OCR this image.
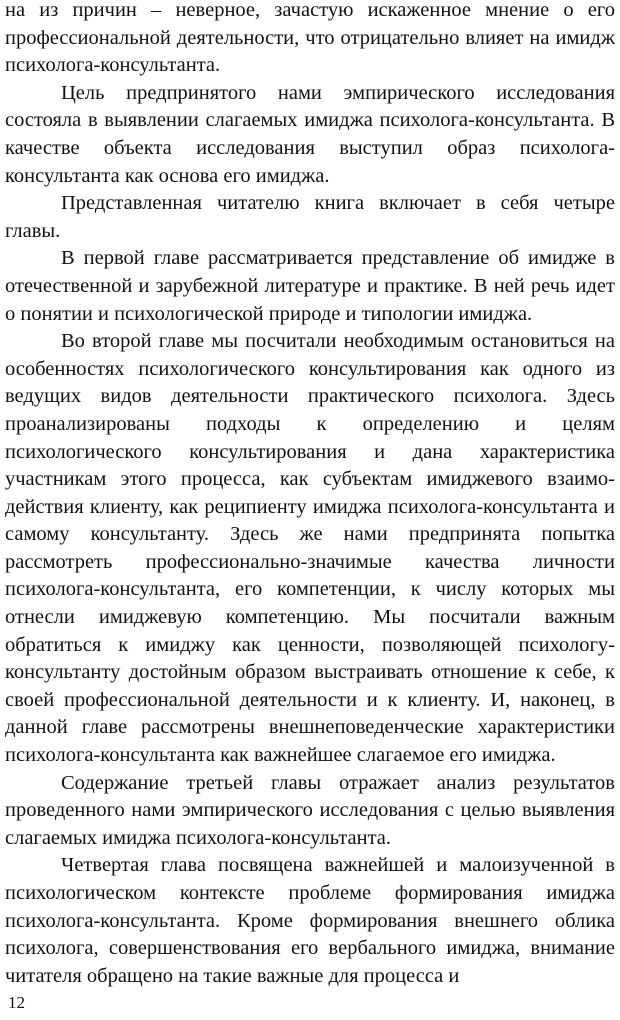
на из причин – неверное, зачастую искаженное мнение о его профессиональной деятельности, что отрицательно влияет на имидж психолога-консультанта.

Цель предпринятого нами эмпирического исследования состояла в выявлении слагаемых имиджа психолога-консультанта. В качестве объекта исследования выступил образ психолога-консультанта как основа его имиджа.

Представленная читателю книга включает в себя четыре главы.

В первой главе рассматривается представление об имидже в отечественной и зарубежной литературе и практике. В ней речь идет о понятии и психологической природе и типологии имиджа.

Во второй главе мы посчитали необходимым остановиться на особенностях психологического консультирования как одного из ведущих видов деятельности практического психолога. Здесь проанализированы подходы к определению и целям психологического консультирования и дана характеристика участникам этого процесса, как субъектам имиджевого взаимодействия клиенту, как реципиенту имиджа психолога-консультанта и самому консультанту. Здесь же нами предпринята попытка рассмотреть профессионально-значимые качества личности психолога-консультанта, его компетенции, к числу которых мы отнесли имиджевую компетенцию. Мы посчитали важным обратиться к имиджу как ценности, позволяющей психологу-консультанту достойным образом выстраивать отношение к себе, к своей профессиональной деятельности и к клиенту. И, наконец, в данной главе рассмотрены внешнеповеденческие характеристики психолога-консультанта как важнейшее слагаемое его имиджа.

Содержание третьей главы отражает анализ результатов проведенного нами эмпирического исследования с целью выявления слагаемых имиджа психолога-консультанта.

Четвертая глава посвящена важнейшей и малоизученной в психологическом контексте проблеме формирования имиджа психолога-консультанта. Кроме формирования внешнего облика психолога, совершенствования его вербального имиджа, внимание читателя обращено на такие важные для процесса и

12
